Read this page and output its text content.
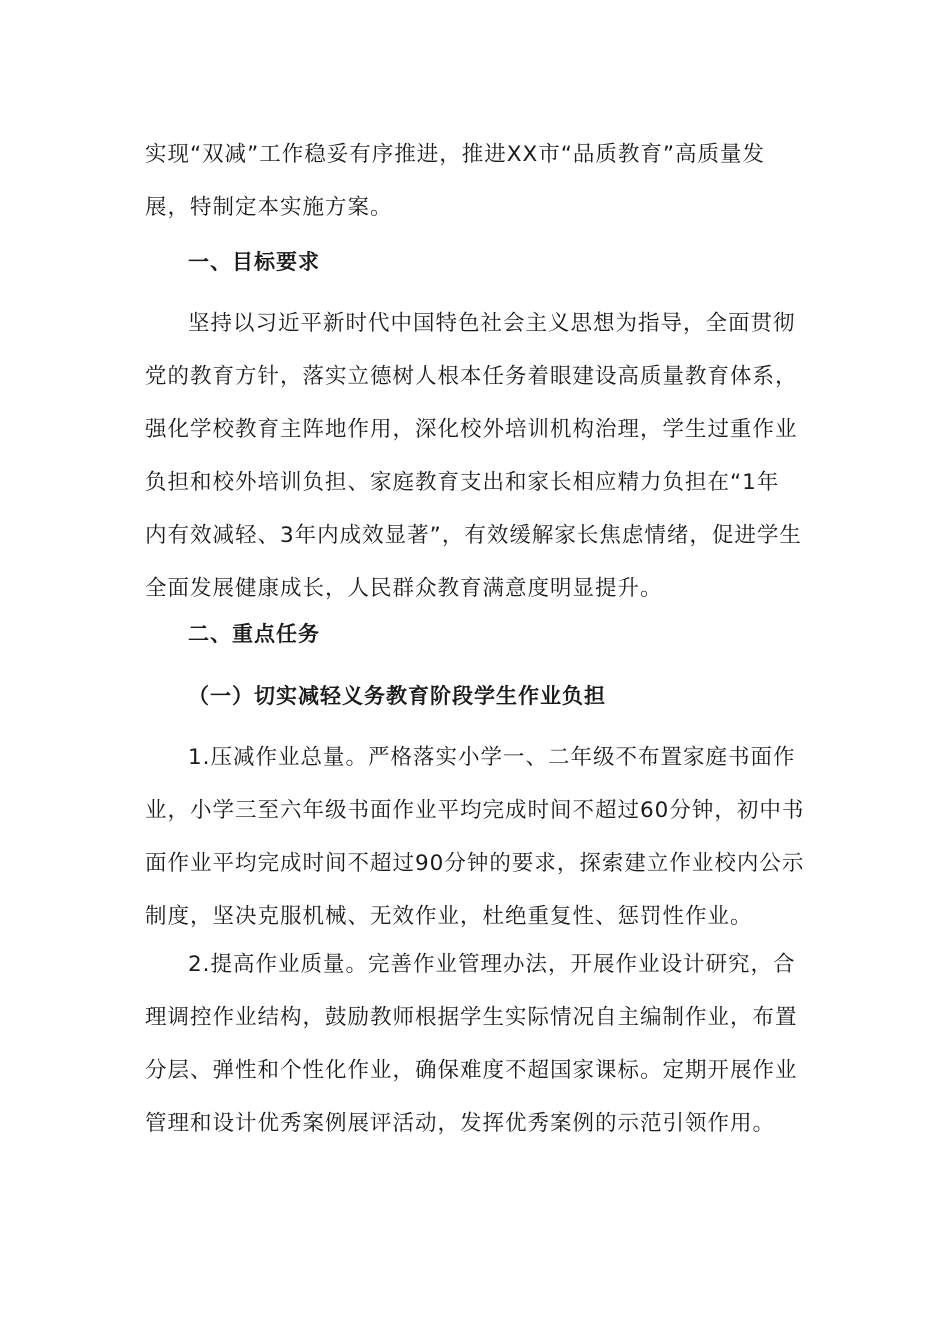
实现“双减”工作稳妥有序推进，推进XX市“品质教育”高质量发
展，特制定本实施方案。
一、目标要求
坚持以习近平新时代中国特色社会主义思想为指导，全面贯彻
党的教育方针，落实立德树人根本任务着眼建设高质量教育体系，
强化学校教育主阵地作用，深化校外培训机构治理，学生过重作业
负担和校外培训负担、家庭教育支出和家长相应精力负担在“1年
内有效减轻、3年内成效显著”，有效缓解家长焦虑情绪，促进学生
全面发展健康成长，人民群众教育满意度明显提升。
二、重点任务
（一）切实减轻义务教育阶段学生作业负担
1.压减作业总量。严格落实小学一、二年级不布置家庭书面作
业，小学三至六年级书面作业平均完成时间不超过60分钟，初中书
面作业平均完成时间不超过90分钟的要求，探索建立作业校内公示
制度，坚决克服机械、无效作业，杜绝重复性、惩罚性作业。
2.提高作业质量。完善作业管理办法，开展作业设计研究，合
理调控作业结构，鼓励教师根据学生实际情况自主编制作业，布置
分层、弹性和个性化作业，确保难度不超国家课标。定期开展作业
管理和设计优秀案例展评活动，发挥优秀案例的示范引领作用。
